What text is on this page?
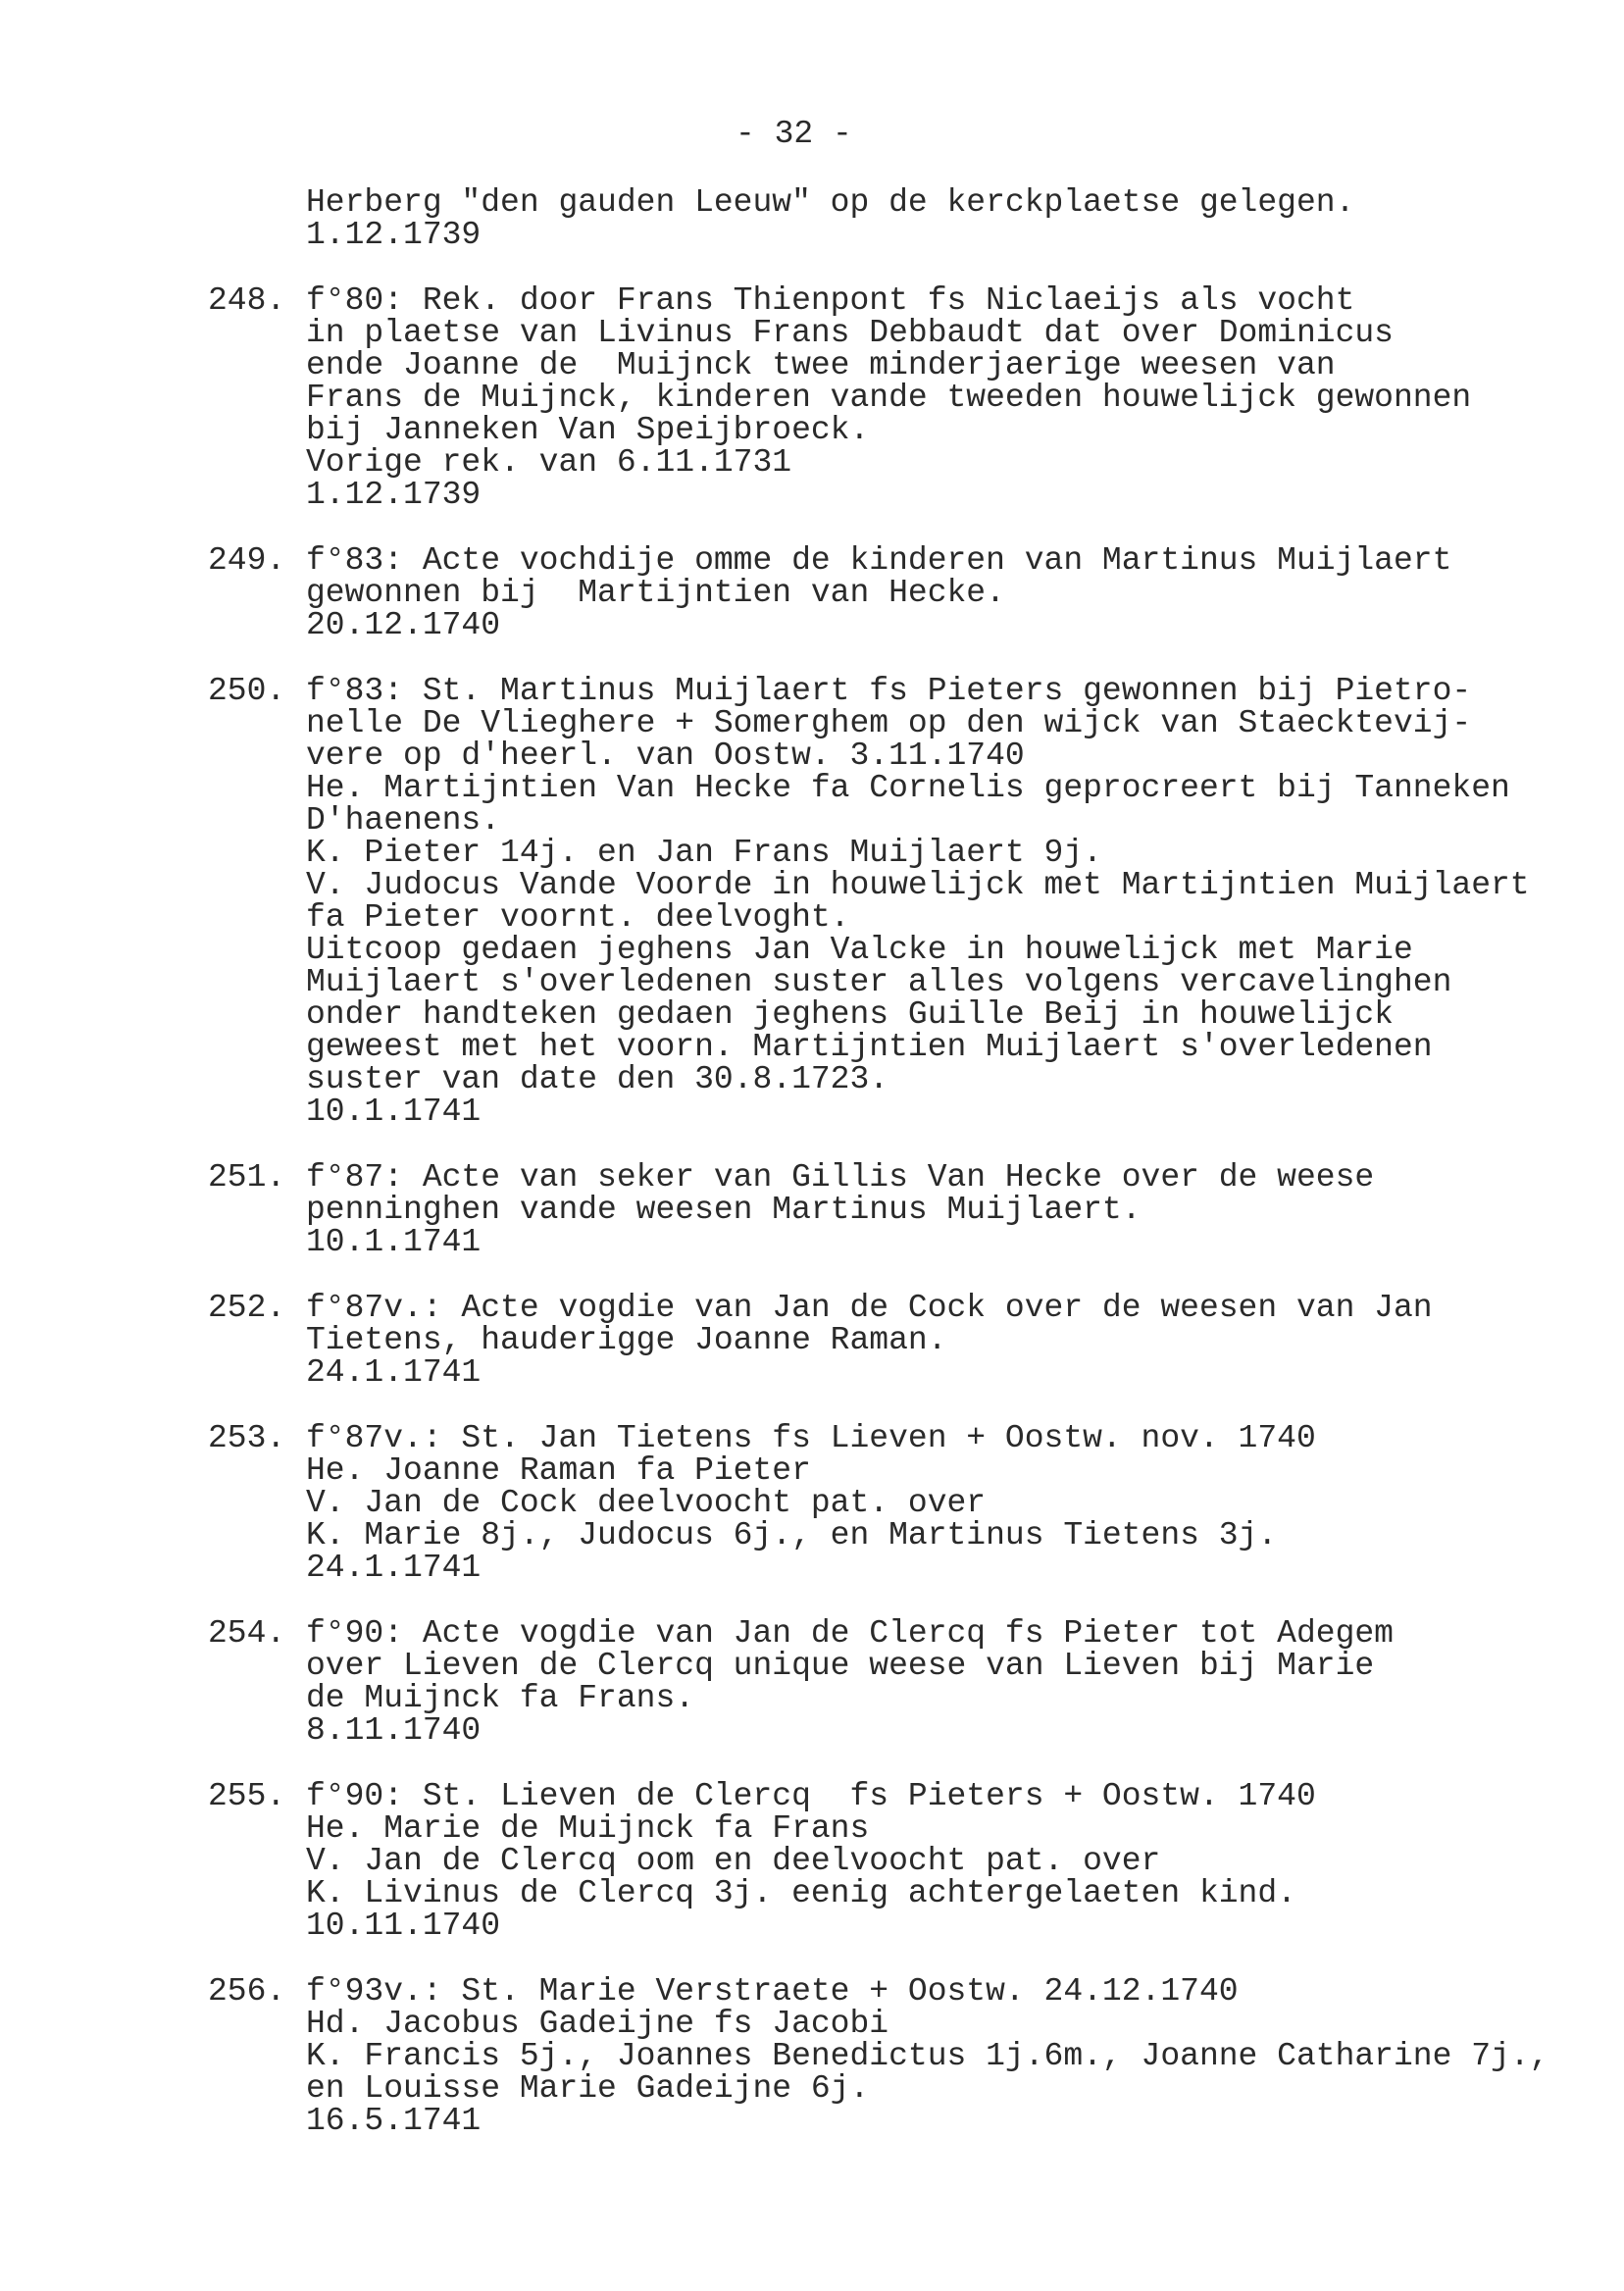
- 32 -
Herberg "den gauden Leeuw" op de kerckplaetse gelegen.
1.12.1739
248. f°80: Rek. door Frans Thienpont fs Niclaeijs als vocht
in plaetse van Livinus Frans Debbaudt dat over Dominicus
ende Joanne de  Muijnck twee minderjaerige weesen van
Frans de Muijnck, kinderen vande tweeden houwelijck gewonnen
bij Janneken Van Speijbroeck.
Vorige rek. van 6.11.1731
1.12.1739
249. f°83: Acte vochdije omme de kinderen van Martinus Muijlaert
gewonnen bij  Martijntien van Hecke.
20.12.1740
250. f°83: St. Martinus Muijlaert fs Pieters gewonnen bij Pietro-
nelle De Vlieghere + Somerghem op den wijck van Staecktevij-
vere op d'heerl. van Oostw. 3.11.1740
He. Martijntien Van Hecke fa Cornelis geprocreert bij Tanneken
D'haenens.
K. Pieter 14j. en Jan Frans Muijlaert 9j.
V. Judocus Vande Voorde in houwelijck met Martijntien Muijlaert
fa Pieter voornt. deelvoght.
Uitcoop gedaen jeghens Jan Valcke in houwelijck met Marie
Muijlaert s'overledenen suster alles volgens vercavelinghen
onder handteken gedaen jeghens Guille Beij in houwelijck
geweest met het voorn. Martijntien Muijlaert s'overledenen
suster van date den 30.8.1723.
10.1.1741
251. f°87: Acte van seker van Gillis Van Hecke over de weese
penninghen vande weesen Martinus Muijlaert.
10.1.1741
252. f°87v.: Acte vogdie van Jan de Cock over de weesen van Jan
Tietens, hauderigge Joanne Raman.
24.1.1741
253. f°87v.: St. Jan Tietens fs Lieven + Oostw. nov. 1740
He. Joanne Raman fa Pieter
V. Jan de Cock deelvoocht pat. over
K. Marie 8j., Judocus 6j., en Martinus Tietens 3j.
24.1.1741
254. f°90: Acte vogdie van Jan de Clercq fs Pieter tot Adegem
over Lieven de Clercq unique weese van Lieven bij Marie
de Muijnck fa Frans.
8.11.1740
255. f°90: St. Lieven de Clercq  fs Pieters + Oostw. 1740
He. Marie de Muijnck fa Frans
V. Jan de Clercq oom en deelvoocht pat. over
K. Livinus de Clercq 3j. eenig achtergelaeten kind.
10.11.1740
256. f°93v.: St. Marie Verstraete + Oostw. 24.12.1740
Hd. Jacobus Gadeijne fs Jacobi
K. Francis 5j., Joannes Benedictus 1j.6m., Joanne Catharine 7j.,
en Louisse Marie Gadeijne 6j.
16.5.1741
